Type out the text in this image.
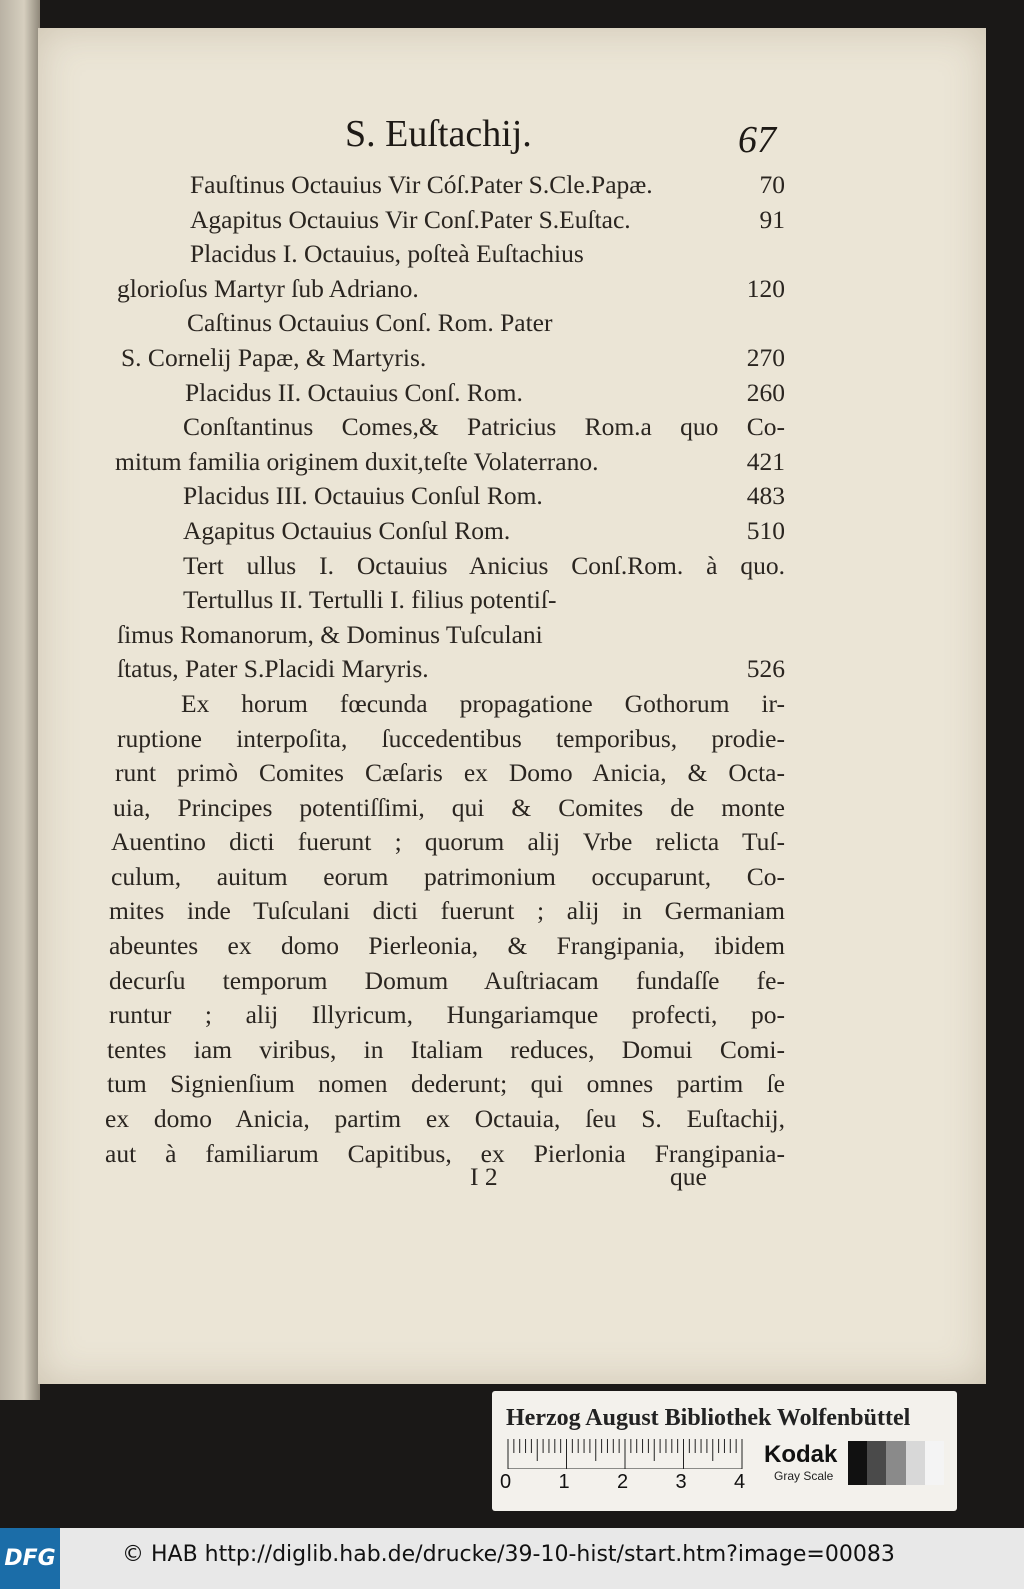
S. Euſtachij.	67
Fauſtinus Octauius Vir Cóſ.Pater S.Cle.Papæ.	70
Agapitus Octauius Vir Conſ.Pater S.Euſtac.	91
Placidus I. Octauius, poſteà Euſtachius
glorioſus Martyr ſub Adriano.	120
Caſtinus Octauius Conſ. Rom. Pater
S. Cornelij Papæ, & Martyris.	270
Placidus II. Octauius Conſ. Rom.	260
Conſtantinus Comes,& Patricius Rom.a quo Co-
mitum familia originem duxit,teſte Volaterrano.	421
Placidus III. Octauius Conſul Rom.	483
Agapitus Octauius Conſul Rom.	510
Tert ullus I. Octauius Anicius Conſ.Rom. à quo.
Tertullus II. Tertulli I. filius potentiſ-
ſimus Romanorum, & Dominus Tuſculani
ſtatus, Pater S.Placidi Maryris.	526
Ex horum fœcunda propagatione Gothorum ir-
ruptione interpoſita, ſuccedentibus temporibus, prodie-
runt primò Comites Cæſaris ex Domo Anicia, & Octa-
uia, Principes potentiſſimi, qui & Comites de monte
Auentino dicti fuerunt ; quorum alij Vrbe relicta Tuſ-
culum, auitum eorum patrimonium occuparunt, Co-
mites inde Tuſculani dicti fuerunt ; alij in Germaniam
abeuntes ex domo Pierleonia, & Frangipania, ibidem
decurſu temporum Domum Auſtriacam fundaſſe fe-
runtur ; alij Illyricum, Hungariamque profecti, po-
tentes iam viribus, in Italiam reduces, Domui Comi-
tum Signienſium nomen dederunt; qui omnes partim ſe
ex domo Anicia, partim ex Octauia, ſeu S. Euſtachij,
aut à familiarum Capitibus, ex Pierlonia Frangipania-
I 2	que
Herzog August Bibliothek Wolfenbüttel
0 1 2 3 4
Kodak
Gray Scale
DFG	© HAB http://diglib.hab.de/drucke/39-10-hist/start.htm?image=00083
